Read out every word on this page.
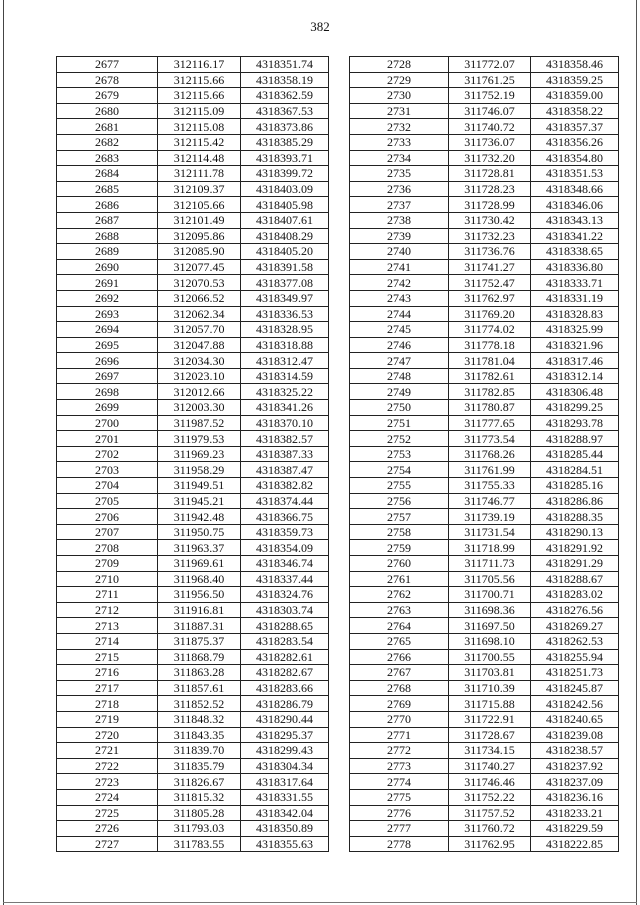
382
2677	312116.17	4318351.74
2678	312115.66	4318358.19
2679	312115.66	4318362.59
2680	312115.09	4318367.53
2681	312115.08	4318373.86
2682	312115.42	4318385.29
2683	312114.48	4318393.71
2684	312111.78	4318399.72
2685	312109.37	4318403.09
2686	312105.66	4318405.98
2687	312101.49	4318407.61
2688	312095.86	4318408.29
2689	312085.90	4318405.20
2690	312077.45	4318391.58
2691	312070.53	4318377.08
2692	312066.52	4318349.97
2693	312062.34	4318336.53
2694	312057.70	4318328.95
2695	312047.88	4318318.88
2696	312034.30	4318312.47
2697	312023.10	4318314.59
2698	312012.66	4318325.22
2699	312003.30	4318341.26
2700	311987.52	4318370.10
2701	311979.53	4318382.57
2702	311969.23	4318387.33
2703	311958.29	4318387.47
2704	311949.51	4318382.82
2705	311945.21	4318374.44
2706	311942.48	4318366.75
2707	311950.75	4318359.73
2708	311963.37	4318354.09
2709	311969.61	4318346.74
2710	311968.40	4318337.44
2711	311956.50	4318324.76
2712	311916.81	4318303.74
2713	311887.31	4318288.65
2714	311875.37	4318283.54
2715	311868.79	4318282.61
2716	311863.28	4318282.67
2717	311857.61	4318283.66
2718	311852.52	4318286.79
2719	311848.32	4318290.44
2720	311843.35	4318295.37
2721	311839.70	4318299.43
2722	311835.79	4318304.34
2723	311826.67	4318317.64
2724	311815.32	4318331.55
2725	311805.28	4318342.04
2726	311793.03	4318350.89
2727	311783.55	4318355.63
2728	311772.07	4318358.46
2729	311761.25	4318359.25
2730	311752.19	4318359.00
2731	311746.07	4318358.22
2732	311740.72	4318357.37
2733	311736.07	4318356.26
2734	311732.20	4318354.80
2735	311728.81	4318351.53
2736	311728.23	4318348.66
2737	311728.99	4318346.06
2738	311730.42	4318343.13
2739	311732.23	4318341.22
2740	311736.76	4318338.65
2741	311741.27	4318336.80
2742	311752.47	4318333.71
2743	311762.97	4318331.19
2744	311769.20	4318328.83
2745	311774.02	4318325.99
2746	311778.18	4318321.96
2747	311781.04	4318317.46
2748	311782.61	4318312.14
2749	311782.85	4318306.48
2750	311780.87	4318299.25
2751	311777.65	4318293.78
2752	311773.54	4318288.97
2753	311768.26	4318285.44
2754	311761.99	4318284.51
2755	311755.33	4318285.16
2756	311746.77	4318286.86
2757	311739.19	4318288.35
2758	311731.54	4318290.13
2759	311718.99	4318291.92
2760	311711.73	4318291.29
2761	311705.56	4318288.67
2762	311700.71	4318283.02
2763	311698.36	4318276.56
2764	311697.50	4318269.27
2765	311698.10	4318262.53
2766	311700.55	4318255.94
2767	311703.81	4318251.73
2768	311710.39	4318245.87
2769	311715.88	4318242.56
2770	311722.91	4318240.65
2771	311728.67	4318239.08
2772	311734.15	4318238.57
2773	311740.27	4318237.92
2774	311746.46	4318237.09
2775	311752.22	4318236.16
2776	311757.52	4318233.21
2777	311760.72	4318229.59
2778	311762.95	4318222.85
